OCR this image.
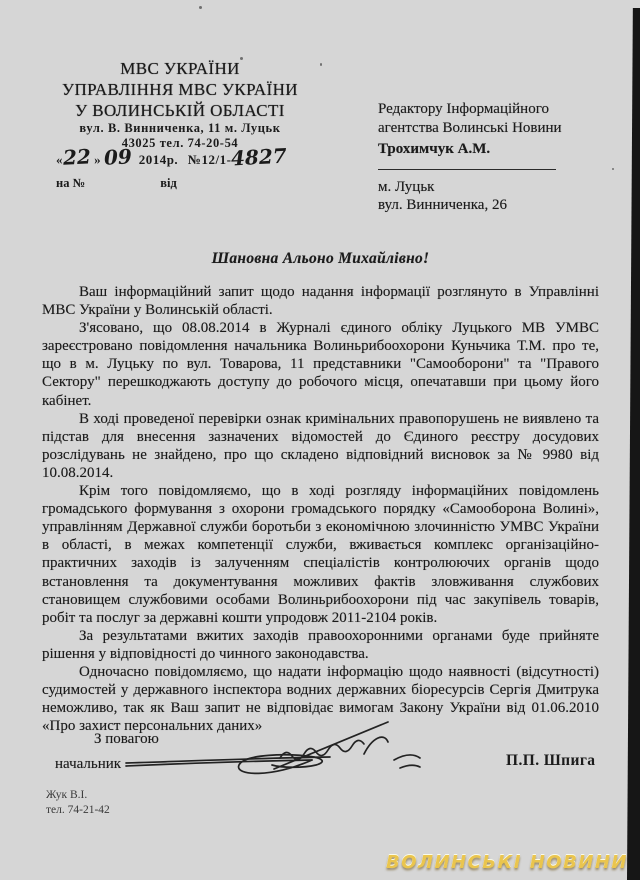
МВС УКРАЇНИ
УПРАВЛІННЯ МВС УКРАЇНИ
У ВОЛИНСЬКІЙ ОБЛАСТІ
вул. В. Винниченка, 11 м. Луцьк
43025 тел. 74-20-54
«22 » 09 2014р. №12/1-4827
на №	від
Редактору Інформаційного
агентства Волинські Новини
Трохимчук А.М.
м. Луцьк
вул. Винниченка, 26
Шановна Альоно Михайлівно!

Ваш інформаційний запит щодо надання інформації розглянуто в Управлінні МВС України у Волинській області.

З'ясовано, що 08.08.2014 в Журналі єдиного обліку Луцького МВ УМВС зареєстровано повідомлення начальника Волиньрибоохорони Куньчика Т.М. про те, що в м. Луцьку по вул. Товарова, 11 представники "Самооборони" та "Правого Сектору" перешкоджають доступу до робочого місця, опечатавши при цьому його кабінет.

В ході проведеної перевірки ознак кримінальних правопорушень не виявлено та підстав для внесення зазначених відомостей до Єдиного реєстру досудових розслідувань не знайдено, про що складено відповідний висновок за № 9980 від 10.08.2014.

Крім того повідомляємо, що в ході розгляду інформаційних повідомлень громадського формування з охорони громадського порядку «Самооборона Волині», управлінням Державної служби боротьби з економічною злочинністю УМВС України в області, в межах компетенції служби, вживається комплекс організаційно-практичних заходів із залученням спеціалістів контролюючих органів щодо встановлення та документування можливих фактів зловживання службових становищем службовими особами Волиньрибоохорони під час закупівель товарів, робіт та послуг за державні кошти упродовж 2011-2104 років.

За результатами вжитих заходів правоохоронними органами буде прийняте рішення у відповідності до чинного законодавства.

Одночасно повідомляємо, що надати інформацію щодо наявності (відсутності) судимостей у державного інспектора водних державних біоресурсів Сергія Дмитрука неможливо, так як Ваш запит не відповідає вимогам Закону України від 01.06.2010 «Про захист персональних даних»

З повагою
начальник	П.П. Шпига
Жук В.І.
тел. 74-21-42
ВОЛИНСЬКІ НОВИНИ
